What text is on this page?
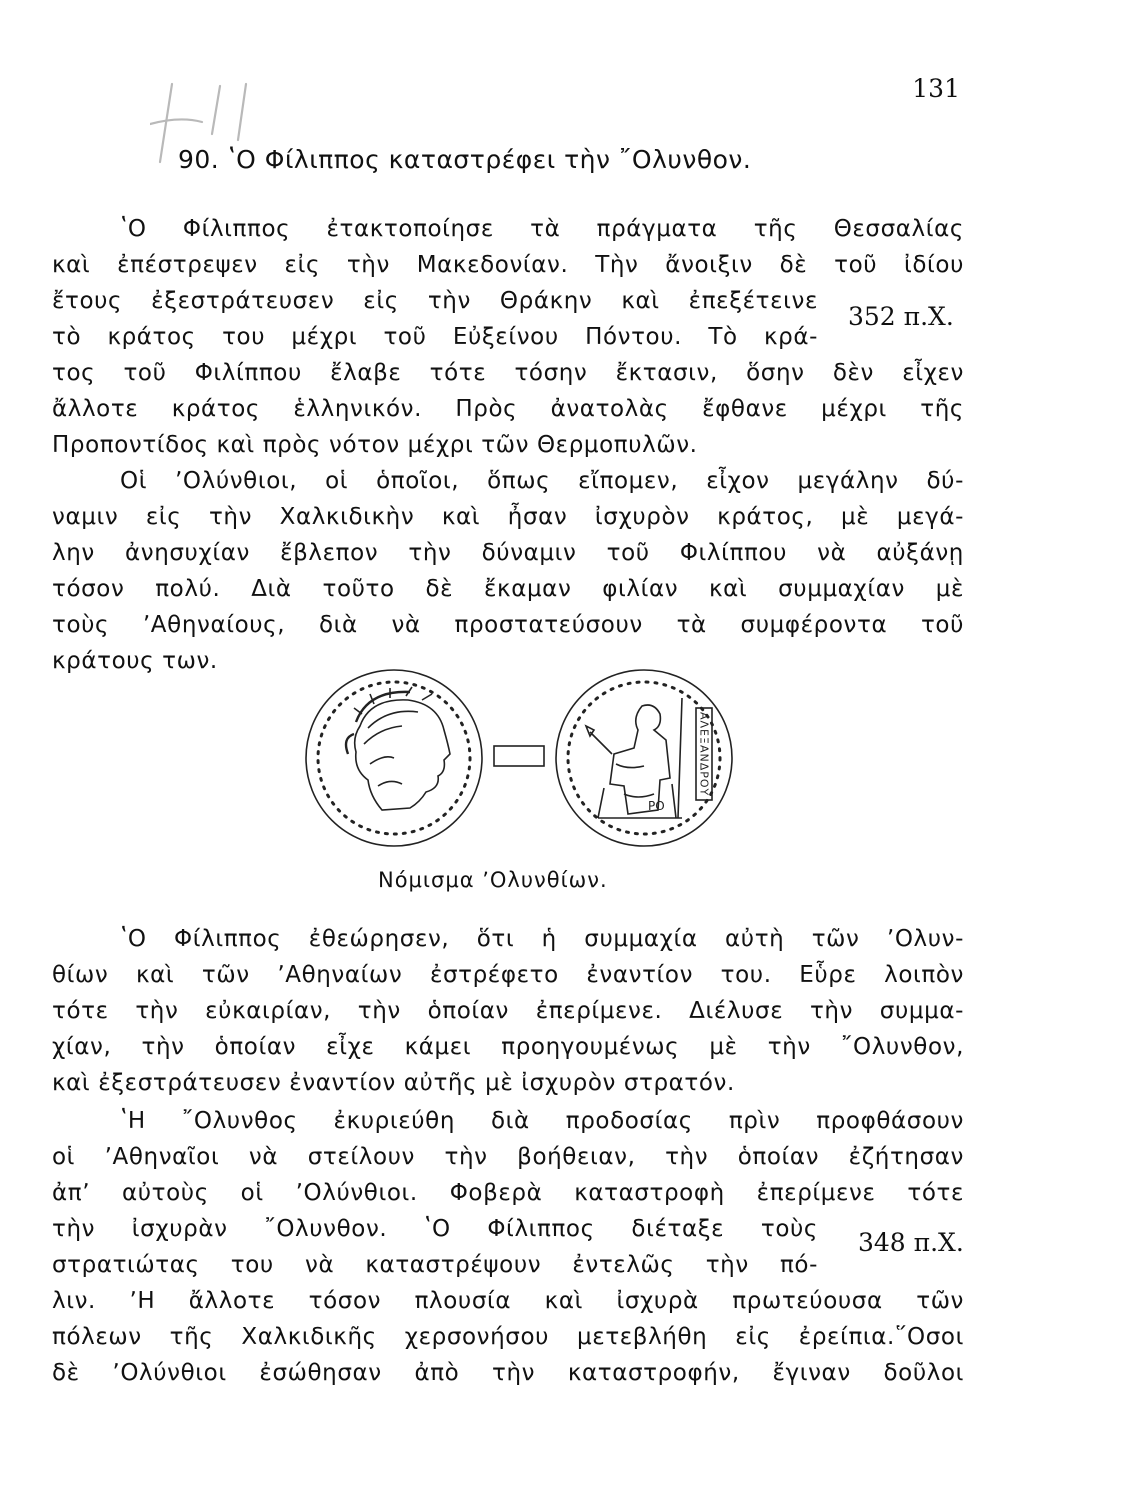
131
90. ʽΟ Φίλιππος καταστρέφει τὴν ῎Ολυνθον.
ʽΟ Φίλιππος ἐτακτοποίησε τὰ πράγματα τῆς Θεσσαλίας
καὶ ἐπέστρεψεν εἰς τὴν Μακεδονίαν. Τὴν ἄνοιξιν δὲ τοῦ ἰδίου
ἔτους ἐξεστράτευσεν εἰς τὴν Θράκην καὶ ἐπεξέτεινε
τὸ κράτος του μέχρι τοῦ Εὐξείνου Πόντου. Τὸ κρά-
τος τοῦ Φιλίππου ἔλαβε τότε τόσην ἔκτασιν, ὅσην δὲν εἶχεν
ἄλλοτε κράτος ἑλληνικόν. Πρὸς ἀνατολὰς ἔφθανε μέχρι τῆς
Προποντίδος καὶ πρὸς νότον μέχρι τῶν Θερμοπυλῶν.
352 π.Χ.
Οἱ ʼΟλύνθιοι, οἱ ὁποῖοι, ὅπως εἴπομεν, εἶχον μεγάλην δύ-
ναμιν εἰς τὴν Χαλκιδικὴν καὶ ἦσαν ἰσχυρὸν κράτος, μὲ μεγά-
λην ἀνησυχίαν ἔβλεπον τὴν δύναμιν τοῦ Φιλίππου νὰ αὐξάνῃ
τόσον πολύ. Διὰ τοῦτο δὲ ἔκαμαν φιλίαν καὶ συμμαχίαν μὲ
τοὺς ʼΑθηναίους, διὰ νὰ προστατεύσουν τὰ συμφέροντα τοῦ
κράτους των.
ΑΛΕΞΑΝΔΡΟΥ
ΡΟ
Νόμισμα ʼΟλυνθίων.
ʽΟ Φίλιππος ἐθεώρησεν, ὅτι ἡ συμμαχία αὐτὴ τῶν ʼΟλυν-
θίων καὶ τῶν ʼΑθηναίων ἐστρέφετο ἐναντίον του. Εὗρε λοιπὸν
τότε τὴν εὐκαιρίαν, τὴν ὁποίαν ἐπερίμενε. Διέλυσε τὴν συμμα-
χίαν, τὴν ὁποίαν εἶχε κάμει προηγουμένως μὲ τὴν ῎Ολυνθον,
καὶ ἐξεστράτευσεν ἐναντίον αὐτῆς μὲ ἰσχυρὸν στρατόν.
ʽΗ ῎Ολυνθος ἐκυριεύθη διὰ προδοσίας πρὶν προφθάσουν
οἱ ʼΑθηναῖοι νὰ στείλουν τὴν βοήθειαν, τὴν ὁποίαν ἐζήτησαν
ἀπʼ αὐτοὺς οἱ ʼΟλύνθιοι. Φοβερὰ καταστροφὴ ἐπερίμενε τότε
τὴν ἰσχυρὰν ῎Ολυνθον. ʽΟ Φίλιππος διέταξε τοὺς
στρατιώτας του νὰ καταστρέψουν ἐντελῶς τὴν πό-
λιν. ʼΗ ἄλλοτε τόσον πλουσία καὶ ἰσχυρὰ πρωτεύουσα τῶν
πόλεων τῆς Χαλκιδικῆς χερσονήσου μετεβλήθη εἰς ἐρείπια.῞Οσοι
δὲ ʼΟλύνθιοι ἐσώθησαν ἀπὸ τὴν καταστροφήν, ἔγιναν δοῦλοι
348 π.Χ.
